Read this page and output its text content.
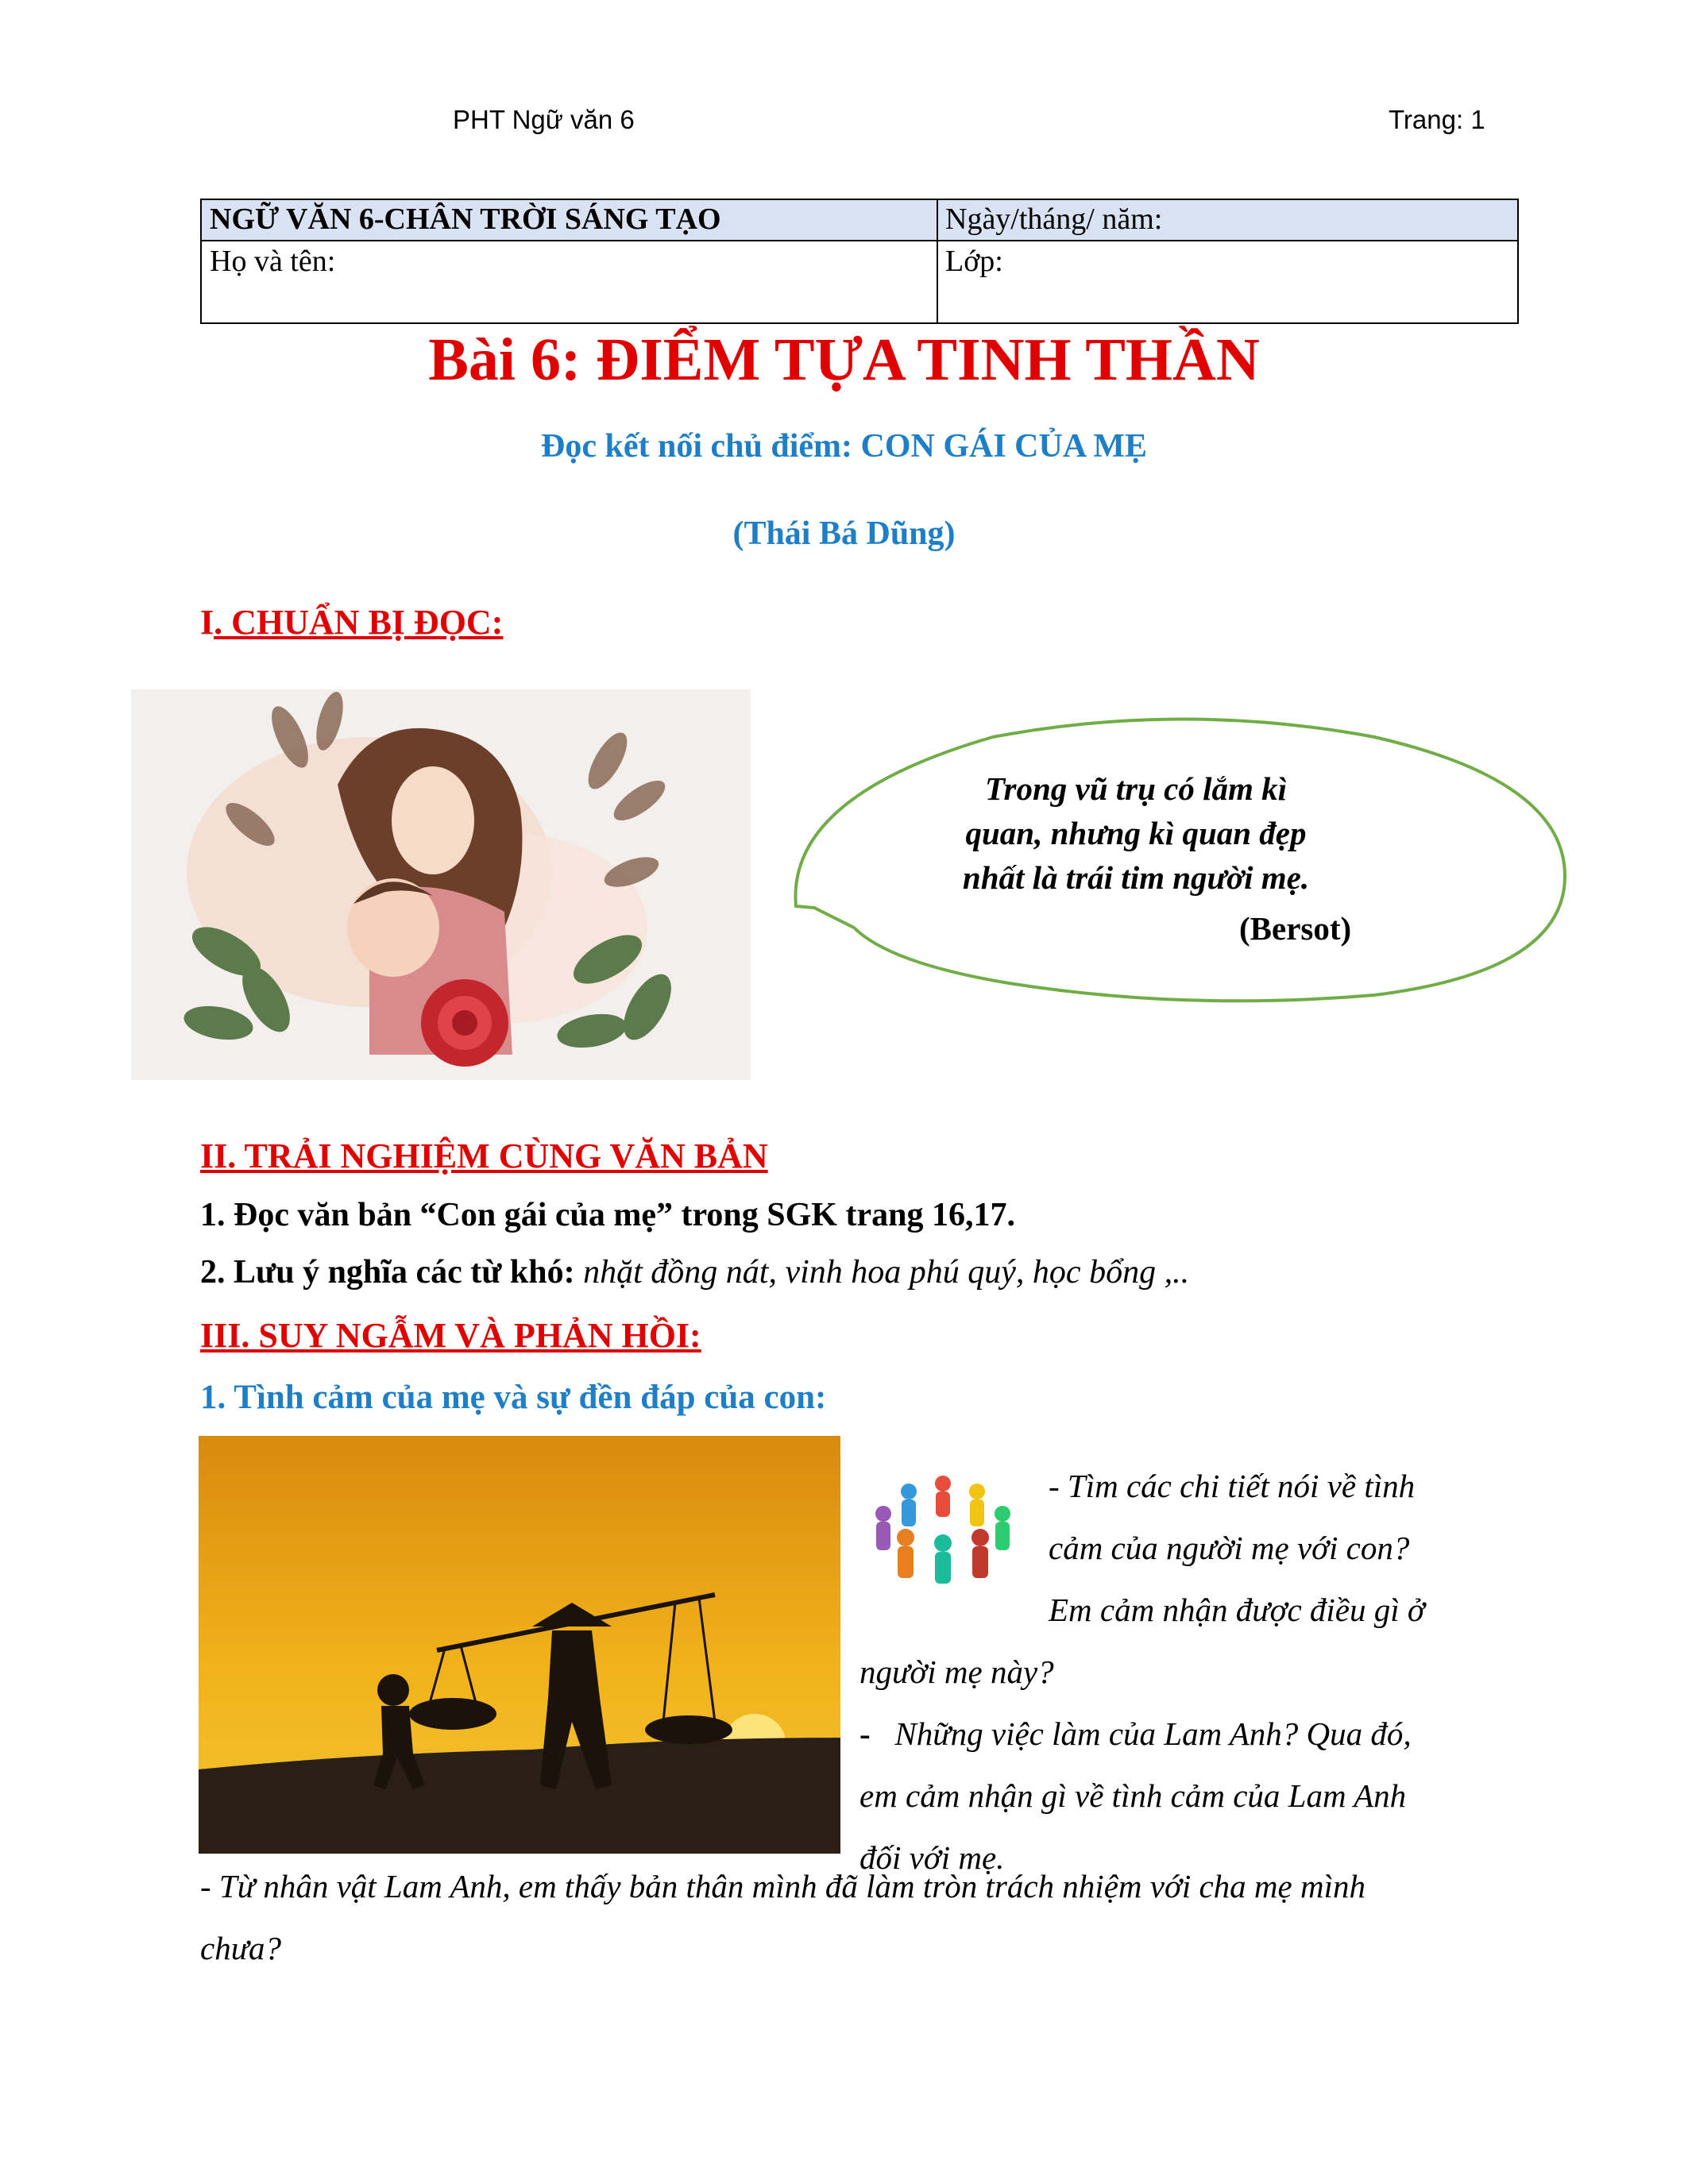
PHT Ngữ văn 6	Trang: 1
NGỮ VĂN 6-CHÂN TRỜI SÁNG TẠO	Ngày/tháng/ năm:
Họ và tên:	Lớp:
Bài 6: ĐIỂM TỰA TINH THẦN
Đọc kết nối chủ điểm: CON GÁI CỦA MẸ
(Thái Bá Dũng)
I. CHUẨN BỊ ĐỌC:
Trong vũ trụ có lắm kì
quan, nhưng kì quan đẹp
nhất là trái tim người mẹ.
(Bersot)
II. TRẢI NGHIỆM CÙNG VĂN BẢN
1. Đọc văn bản “Con gái của mẹ” trong SGK trang 16,17.
2. Lưu ý nghĩa các từ khó: nhặt đồng nát, vinh hoa phú quý, học bổng ,..
III. SUY NGẪM VÀ PHẢN HỒI:
1. Tình cảm của mẹ và sự đền đáp của con:
- Tìm các chi tiết nói về tình
cảm của người mẹ với con?
Em cảm nhận được điều gì ở
người mẹ này?
- Những việc làm của Lam Anh? Qua đó,
em cảm nhận gì về tình cảm của Lam Anh
đối với mẹ.
- Từ nhân vật Lam Anh, em thấy bản thân mình đã làm tròn trách nhiệm với cha mẹ mình
chưa?
